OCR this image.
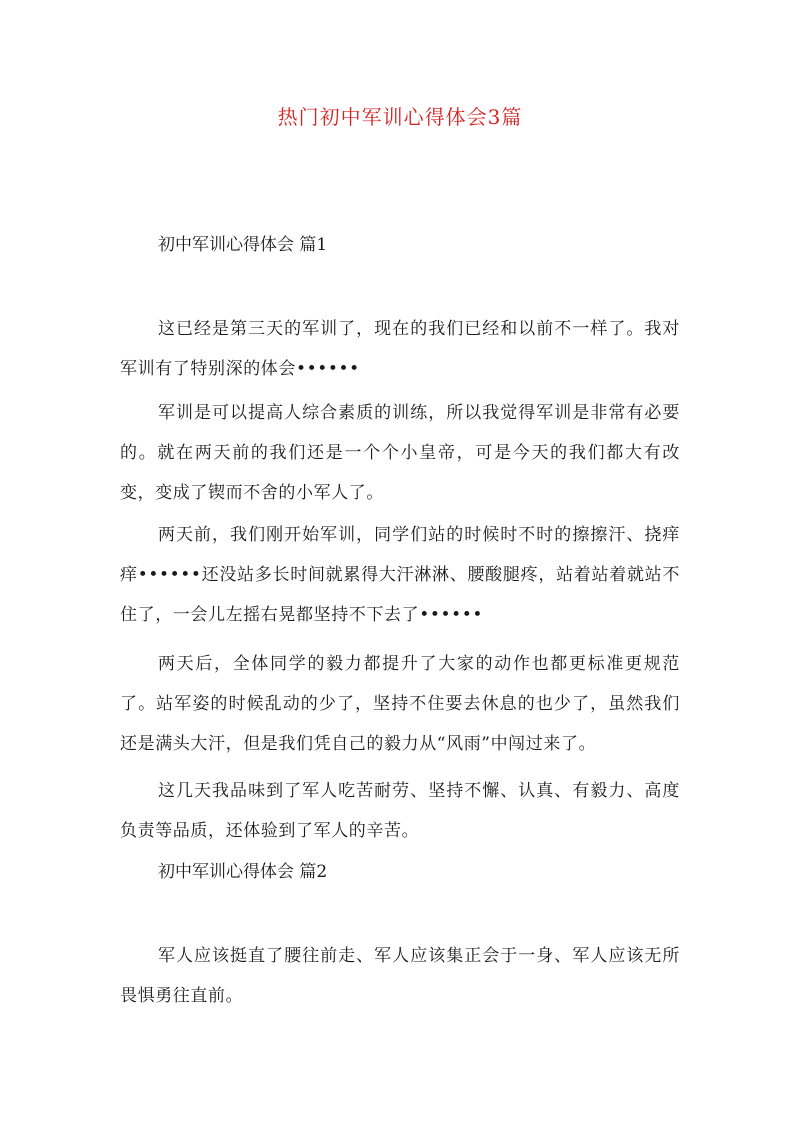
热门初中军训心得体会3篇
初中军训心得体会 篇1

这已经是第三天的军训了，现在的我们已经和以前不一样了。我对军训有了特别深的体会••••••

军训是可以提高人综合素质的训练，所以我觉得军训是非常有必要的。就在两天前的我们还是一个个小皇帝，可是今天的我们都大有改变，变成了锲而不舍的小军人了。

两天前，我们刚开始军训，同学们站的时候时不时的擦擦汗、挠痒痒••••••还没站多长时间就累得大汗淋淋、腰酸腿疼，站着站着就站不住了，一会儿左摇右晃都坚持不下去了••••••

两天后，全体同学的毅力都提升了大家的动作也都更标准更规范了。站军姿的时候乱动的少了，坚持不住要去休息的也少了，虽然我们还是满头大汗，但是我们凭自己的毅力从“风雨”中闯过来了。

这几天我品味到了军人吃苦耐劳、坚持不懈、认真、有毅力、高度负责等品质，还体验到了军人的辛苦。

初中军训心得体会 篇2

军人应该挺直了腰往前走、军人应该集正会于一身、军人应该无所畏惧勇往直前。
